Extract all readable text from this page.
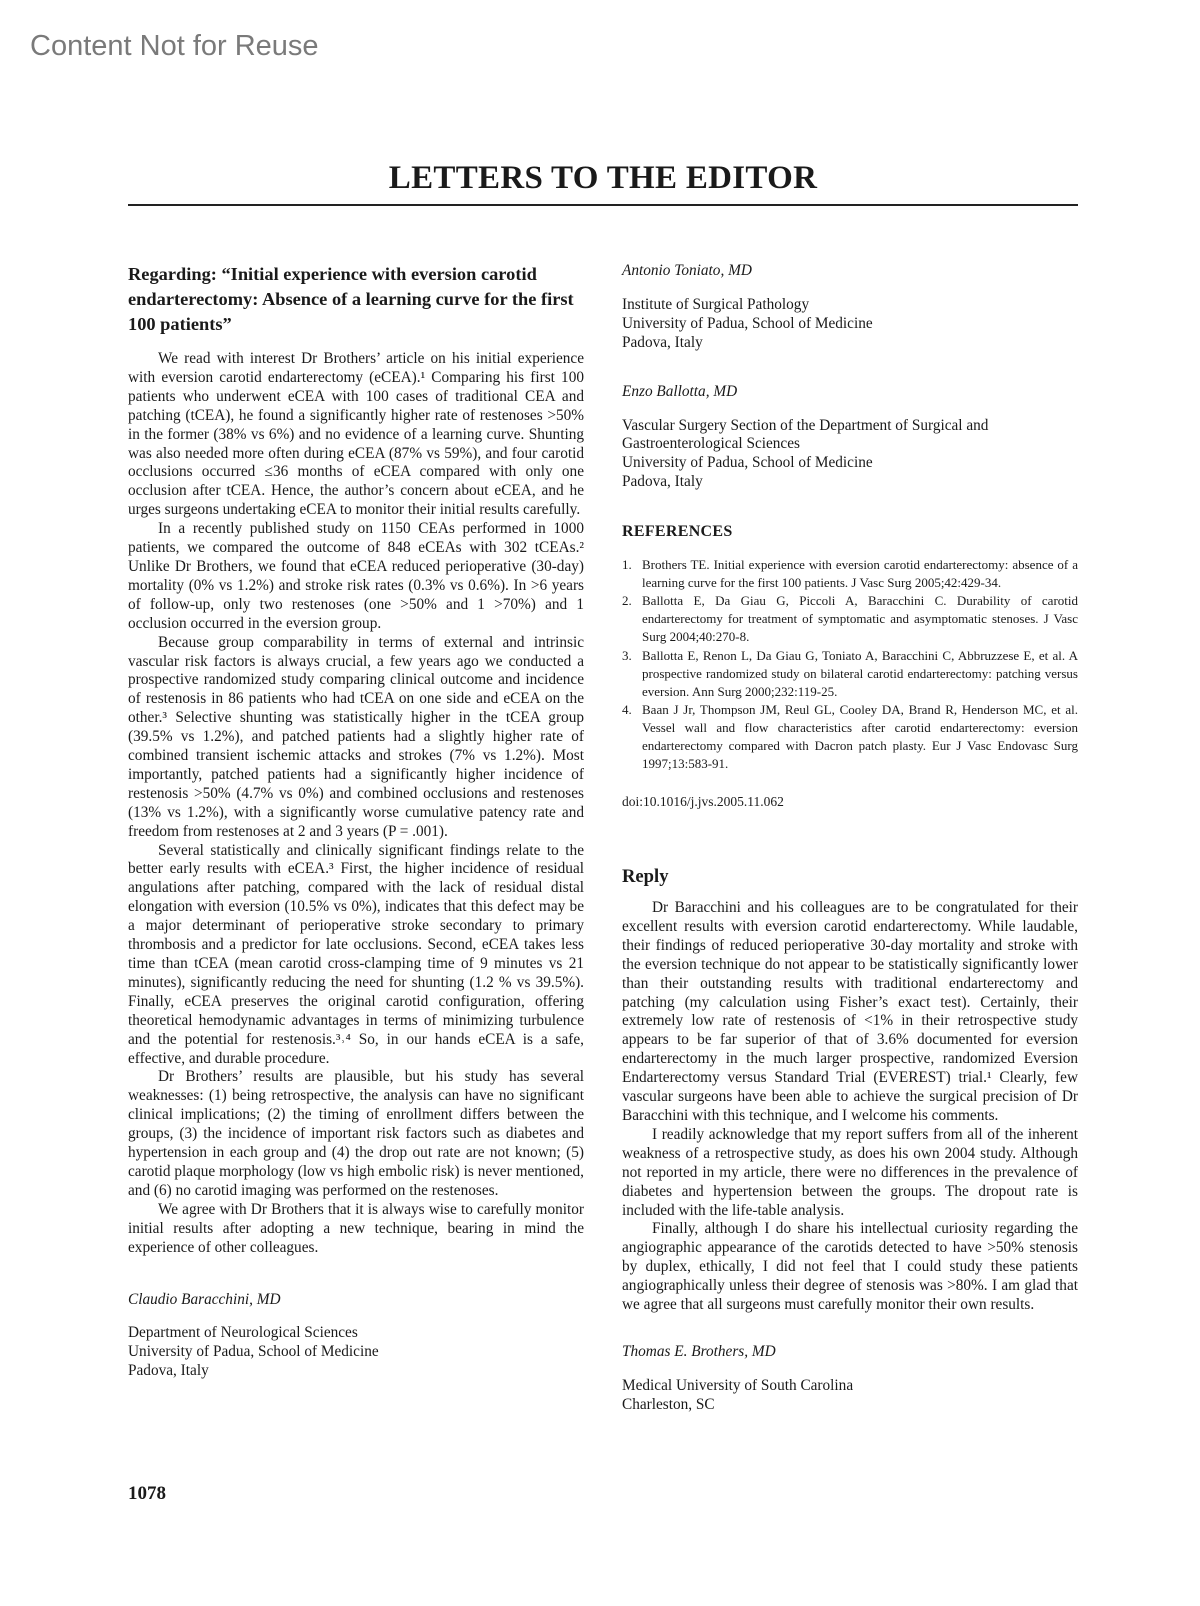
Content Not for Reuse
LETTERS TO THE EDITOR
Regarding: “Initial experience with eversion carotid endarterectomy: Absence of a learning curve for the first 100 patients”

We read with interest Dr Brothers’ article on his initial experience with eversion carotid endarterectomy (eCEA).¹ Comparing his first 100 patients who underwent eCEA with 100 cases of traditional CEA and patching (tCEA), he found a significantly higher rate of restenoses >50% in the former (38% vs 6%) and no evidence of a learning curve. Shunting was also needed more often during eCEA (87% vs 59%), and four carotid occlusions occurred ≤36 months of eCEA compared with only one occlusion after tCEA. Hence, the author’s concern about eCEA, and he urges surgeons undertaking eCEA to monitor their initial results carefully.

In a recently published study on 1150 CEAs performed in 1000 patients, we compared the outcome of 848 eCEAs with 302 tCEAs.² Unlike Dr Brothers, we found that eCEA reduced perioperative (30-day) mortality (0% vs 1.2%) and stroke risk rates (0.3% vs 0.6%). In >6 years of follow-up, only two restenoses (one >50% and 1 >70%) and 1 occlusion occurred in the eversion group.

Because group comparability in terms of external and intrinsic vascular risk factors is always crucial, a few years ago we conducted a prospective randomized study comparing clinical outcome and incidence of restenosis in 86 patients who had tCEA on one side and eCEA on the other.³ Selective shunting was statistically higher in the tCEA group (39.5% vs 1.2%), and patched patients had a slightly higher rate of combined transient ischemic attacks and strokes (7% vs 1.2%). Most importantly, patched patients had a significantly higher incidence of restenosis >50% (4.7% vs 0%) and combined occlusions and restenoses (13% vs 1.2%), with a significantly worse cumulative patency rate and freedom from restenoses at 2 and 3 years (P = .001).

Several statistically and clinically significant findings relate to the better early results with eCEA.³ First, the higher incidence of residual angulations after patching, compared with the lack of residual distal elongation with eversion (10.5% vs 0%), indicates that this defect may be a major determinant of perioperative stroke secondary to primary thrombosis and a predictor for late occlusions. Second, eCEA takes less time than tCEA (mean carotid cross-clamping time of 9 minutes vs 21 minutes), significantly reducing the need for shunting (1.2 % vs 39.5%). Finally, eCEA preserves the original carotid configuration, offering theoretical hemodynamic advantages in terms of minimizing turbulence and the potential for restenosis.³˒⁴ So, in our hands eCEA is a safe, effective, and durable procedure.

Dr Brothers’ results are plausible, but his study has several weaknesses: (1) being retrospective, the analysis can have no significant clinical implications; (2) the timing of enrollment differs between the groups, (3) the incidence of important risk factors such as diabetes and hypertension in each group and (4) the drop out rate are not known; (5) carotid plaque morphology (low vs high embolic risk) is never mentioned, and (6) no carotid imaging was performed on the restenoses.

We agree with Dr Brothers that it is always wise to carefully monitor initial results after adopting a new technique, bearing in mind the experience of other colleagues.

Claudio Baracchini, MD

Department of Neurological Sciences

University of Padua, School of Medicine

Padova, Italy

Antonio Toniato, MD

Institute of Surgical Pathology

University of Padua, School of Medicine

Padova, Italy

Enzo Ballotta, MD

Vascular Surgery Section of the Department of Surgical and Gastroenterological Sciences

University of Padua, School of Medicine

Padova, Italy

REFERENCES

1. Brothers TE. Initial experience with eversion carotid endarterectomy: absence of a learning curve for the first 100 patients. J Vasc Surg 2005;42:429-34.
2. Ballotta E, Da Giau G, Piccoli A, Baracchini C. Durability of carotid endarterectomy for treatment of symptomatic and asymptomatic stenoses. J Vasc Surg 2004;40:270-8.
3. Ballotta E, Renon L, Da Giau G, Toniato A, Baracchini C, Abbruzzese E, et al. A prospective randomized study on bilateral carotid endarterectomy: patching versus eversion. Ann Surg 2000;232:119-25.
4. Baan J Jr, Thompson JM, Reul GL, Cooley DA, Brand R, Henderson MC, et al. Vessel wall and flow characteristics after carotid endarterectomy: eversion endarterectomy compared with Dacron patch plasty. Eur J Vasc Endovasc Surg 1997;13:583-91.

doi:10.1016/j.jvs.2005.11.062

Reply

Dr Baracchini and his colleagues are to be congratulated for their excellent results with eversion carotid endarterectomy. While laudable, their findings of reduced perioperative 30-day mortality and stroke with the eversion technique do not appear to be statistically significantly lower than their outstanding results with traditional endarterectomy and patching (my calculation using Fisher’s exact test). Certainly, their extremely low rate of restenosis of <1% in their retrospective study appears to be far superior of that of 3.6% documented for eversion endarterectomy in the much larger prospective, randomized Eversion Endarterectomy versus Standard Trial (EVEREST) trial.¹ Clearly, few vascular surgeons have been able to achieve the surgical precision of Dr Baracchini with this technique, and I welcome his comments.

I readily acknowledge that my report suffers from all of the inherent weakness of a retrospective study, as does his own 2004 study. Although not reported in my article, there were no differences in the prevalence of diabetes and hypertension between the groups. The dropout rate is included with the life-table analysis.

Finally, although I do share his intellectual curiosity regarding the angiographic appearance of the carotids detected to have >50% stenosis by duplex, ethically, I did not feel that I could study these patients angiographically unless their degree of stenosis was >80%. I am glad that we agree that all surgeons must carefully monitor their own results.

Thomas E. Brothers, MD

Medical University of South Carolina

Charleston, SC

1078
